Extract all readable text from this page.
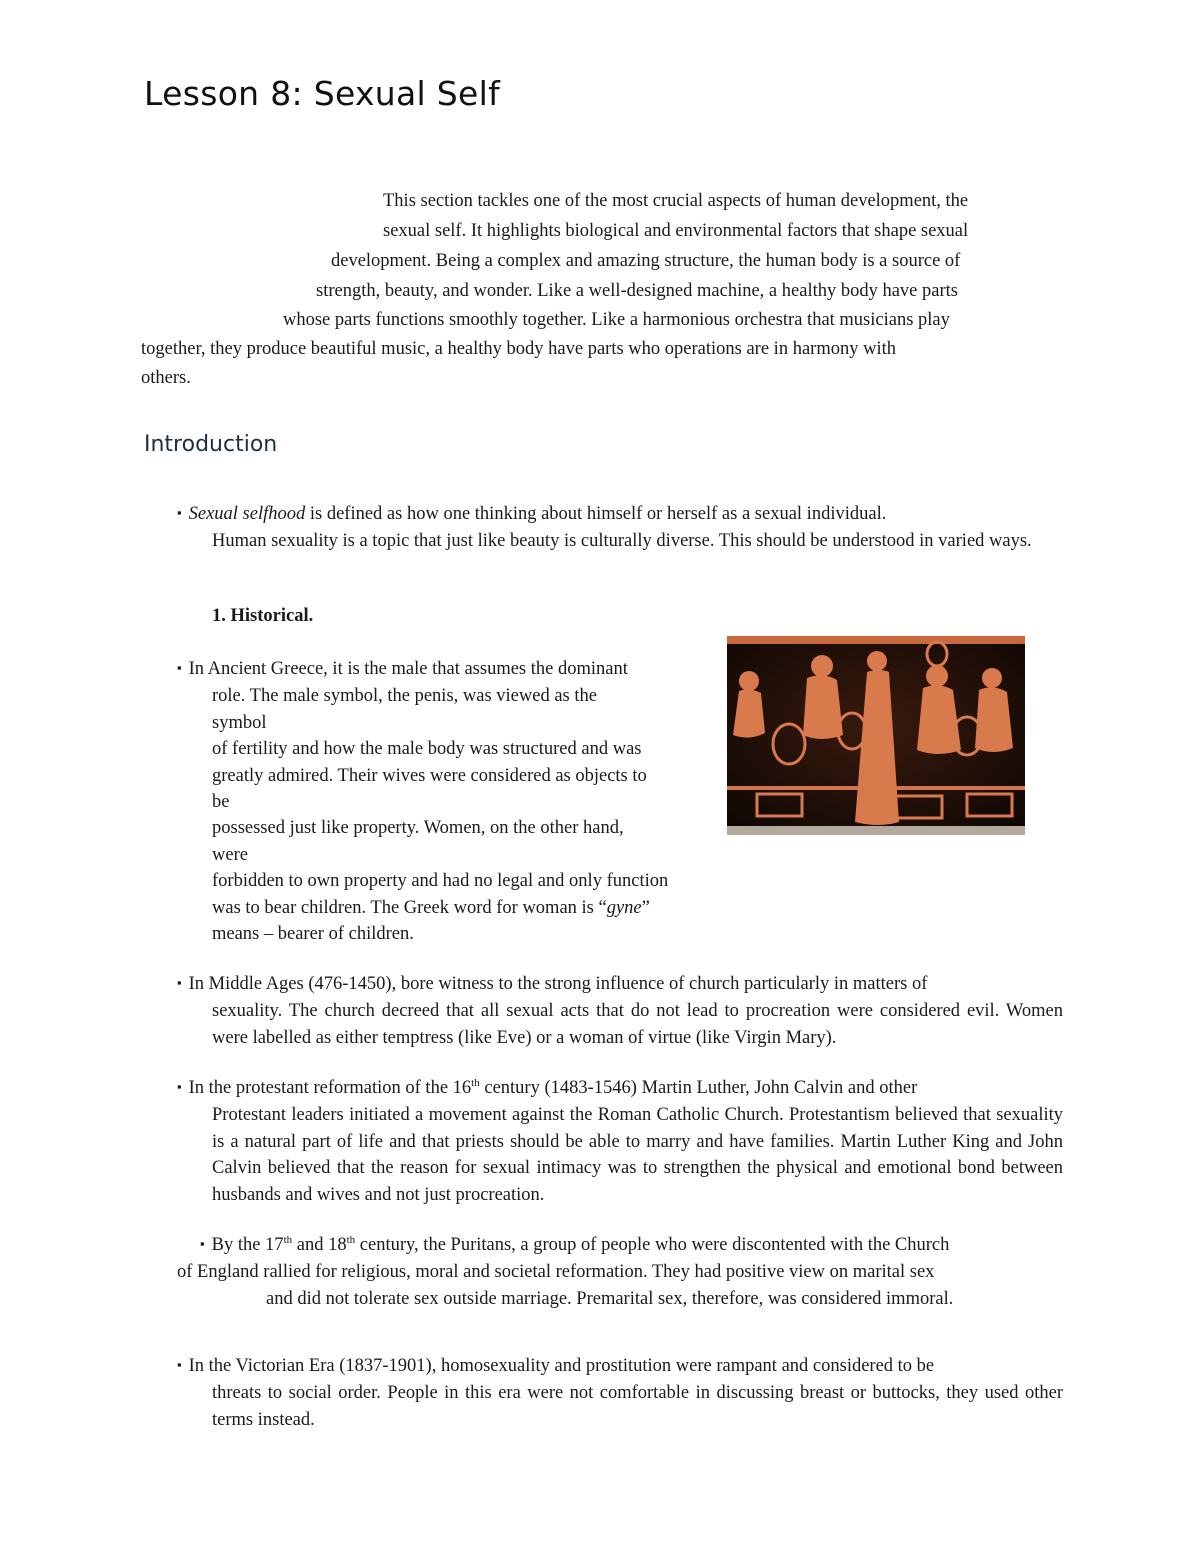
Lesson 8: Sexual Self

This section tackles one of the most crucial aspects of human development, the

sexual self. It highlights biological and environmental factors that shape sexual

development. Being a complex and amazing structure, the human body is a source of

strength, beauty, and wonder. Like a well-designed machine, a healthy body have parts

whose parts functions smoothly together. Like a harmonious orchestra that musicians play

together, they produce beautiful music, a healthy body have parts who operations are in harmony with

others.

Introduction
▪ Sexual selfhood is defined as how one thinking about himself or herself as a sexual individual.
Human sexuality is a topic that just like beauty is culturally diverse. This should be understood in varied ways.

1. Historical.

▪ In Ancient Greece, it is the male that assumes the dominant
role. The male symbol, the penis, was viewed as the
symbol
of fertility and how the male body was structured and was
greatly admired. Their wives were considered as objects to
be
possessed just like property. Women, on the other hand,
were
forbidden to own property and had no legal and only function
was to bear children. The Greek word for woman is “gyne”
means – bearer of children.
▪ In Middle Ages (476-1450), bore witness to the strong influence of church particularly in matters of
sexuality. The church decreed that all sexual acts that do not lead to procreation were considered evil. Women were labelled as either temptress (like Eve) or a woman of virtue (like Virgin Mary).
▪ In the protestant reformation of the 16th century (1483-1546) Martin Luther, John Calvin and other
Protestant leaders initiated a movement against the Roman Catholic Church. Protestantism believed that sexuality is a natural part of life and that priests should be able to marry and have families. Martin Luther King and John Calvin believed that the reason for sexual intimacy was to strengthen the physical and emotional bond between husbands and wives and not just procreation.
▪ By the 17th and 18th century, the Puritans, a group of people who were discontented with the Church
of England rallied for religious, moral and societal reformation. They had positive view on marital sex
and did not tolerate sex outside marriage. Premarital sex, therefore, was considered immoral.
▪ In the Victorian Era (1837-1901), homosexuality and prostitution were rampant and considered to be
threats to social order. People in this era were not comfortable in discussing breast or buttocks, they used other terms instead.
